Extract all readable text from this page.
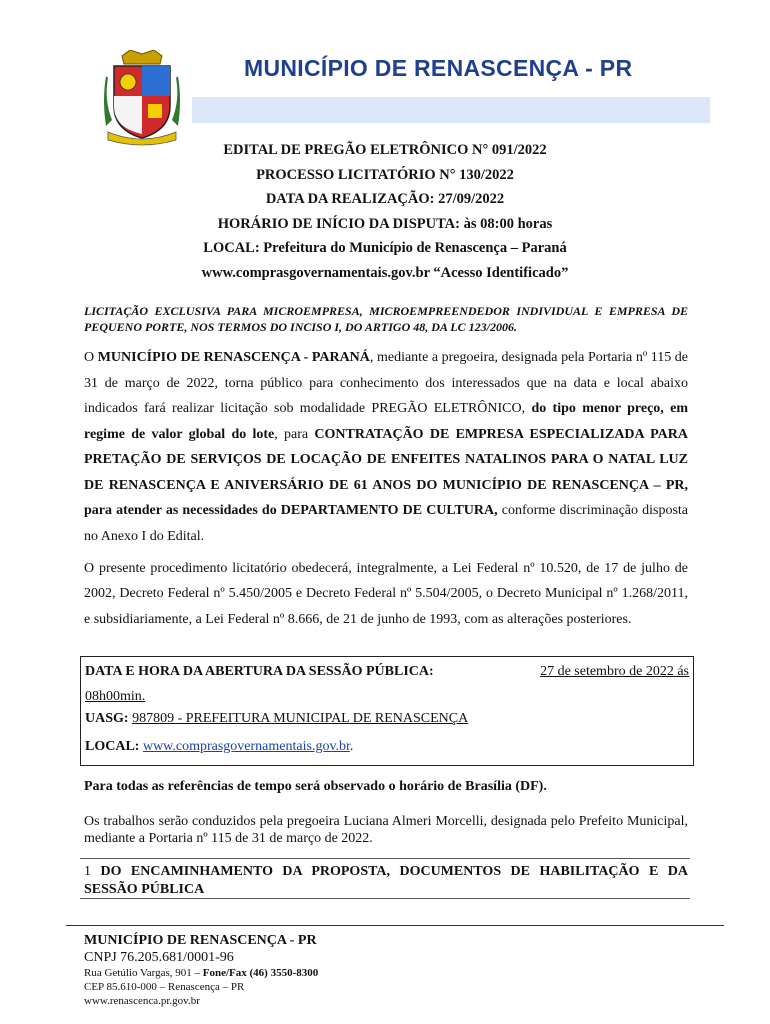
MUNICÍPIO DE RENASCENÇA - PR
EDITAL DE PREGÃO ELETRÔNICO N° 091/2022
PROCESSO LICITATÓRIO N° 130/2022
DATA DA REALIZAÇÃO: 27/09/2022
HORÁRIO DE INÍCIO DA DISPUTA: às 08:00 horas
LOCAL: Prefeitura do Município de Renascença – Paraná
www.comprasgovernamentais.gov.br “Acesso Identificado”
LICITAÇÃO EXCLUSIVA PARA MICROEMPRESA, MICROEMPREENDEDOR INDIVIDUAL E EMPRESA DE PEQUENO PORTE, NOS TERMOS DO INCISO I, DO ARTIGO 48, DA LC 123/2006.
O MUNICÍPIO DE RENASCENÇA - PARANÁ, mediante a pregoeira, designada pela Portaria nº 115 de 31 de março de 2022, torna público para conhecimento dos interessados que na data e local abaixo indicados fará realizar licitação sob modalidade PREGÃO ELETRÔNICO, do tipo menor preço, em regime de valor global do lote, para CONTRATAÇÃO DE EMPRESA ESPECIALIZADA PARA PRETAÇÃO DE SERVIÇOS DE LOCAÇÃO DE ENFEITES NATALINOS PARA O NATAL LUZ DE RENASCENÇA E ANIVERSÁRIO DE 61 ANOS DO MUNICÍPIO DE RENASCENÇA – PR, para atender as necessidades do DEPARTAMENTO DE CULTURA, conforme discriminação disposta no Anexo I do Edital.
O presente procedimento licitatório obedecerá, integralmente, a Lei Federal nº 10.520, de 17 de julho de 2002, Decreto Federal nº 5.450/2005 e Decreto Federal nº 5.504/2005, o Decreto Municipal nº 1.268/2011, e subsidiariamente, a Lei Federal nº 8.666, de 21 de junho de 1993, com as alterações posteriores.
DATA E HORA DA ABERTURA DA SESSÃO PÚBLICA:	27 de setembro de 2022 ás

08h00min.
UASG: 987809 - PREFEITURA MUNICIPAL DE RENASCENÇA
LOCAL: www.comprasgovernamentais.gov.br.
Para todas as referências de tempo será observado o horário de Brasília (DF).
Os trabalhos serão conduzidos pela pregoeira Luciana Almeri Morcelli, designada pelo Prefeito Municipal, mediante a Portaria nº 115 de 31 de março de 2022.
1 DO ENCAMINHAMENTO DA PROPOSTA, DOCUMENTOS DE HABILITAÇÃO E DA SESSÃO PÚBLICA
MUNICÍPIO DE RENASCENÇA - PR
CNPJ 76.205.681/0001-96
Rua Getúlio Vargas, 901 – Fone/Fax (46) 3550-8300
CEP 85.610-000 – Renascença – PR
www.renascenca.pr.gov.br
